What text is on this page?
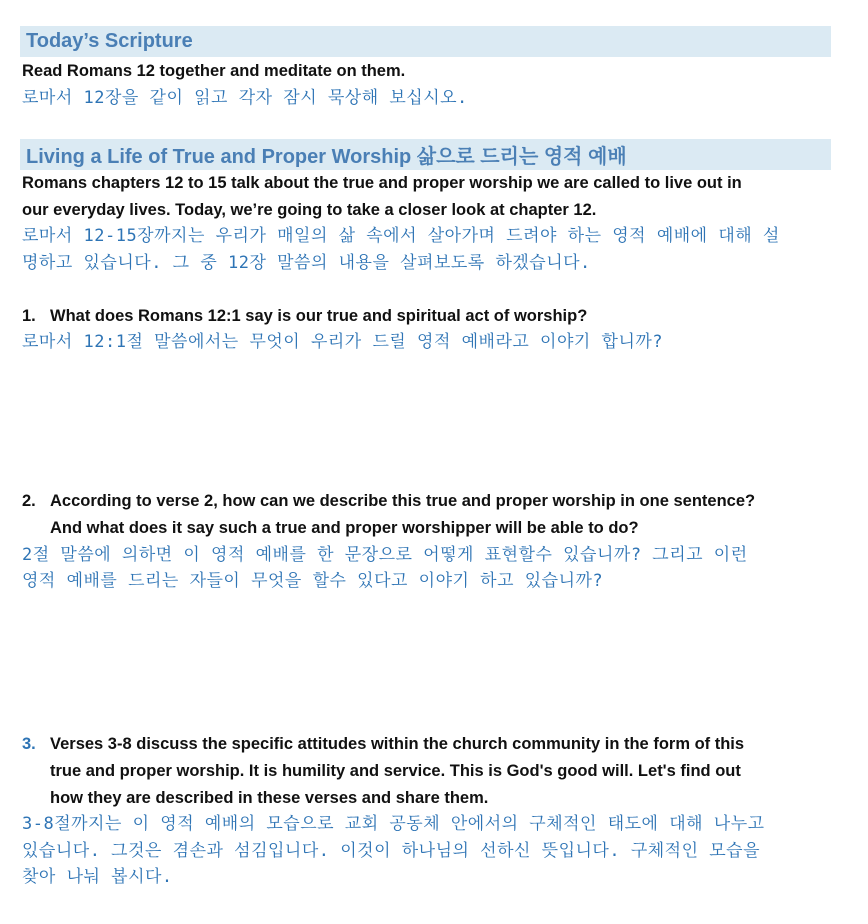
Today’s Scripture
Read Romans 12 together and meditate on them.
로마서 12장을 같이 읽고 각자 잠시 묵상해 보십시오.
Living a Life of True and Proper Worship 삶으로 드리는 영적 예배
Romans chapters 12 to 15 talk about the true and proper worship we are called to live out in
our everyday lives. Today, we’re going to take a closer look at chapter 12.
로마서 12-15장까지는 우리가 매일의 삶 속에서 살아가며 드려야 하는 영적 예배에 대해 설
명하고 있습니다. 그 중 12장 말씀의 내용을 살펴보도록 하겠습니다.
1. What does Romans 12:1 say is our true and spiritual act of worship?
로마서 12:1절 말씀에서는 무엇이 우리가 드릴 영적 예배라고 이야기 합니까?
2. According to verse 2, how can we describe this true and proper worship in one sentence?
And what does it say such a true and proper worshipper will be able to do?
2절 말씀에 의하면 이 영적 예배를 한 문장으로 어떻게 표현할수 있습니까? 그리고 이런
영적 예배를 드리는 자들이 무엇을 할수 있다고 이야기 하고 있습니까?
3. Verses 3-8 discuss the specific attitudes within the church community in the form of this
true and proper worship. It is humility and service. This is God's good will. Let's find out
how they are described in these verses and share them.
3-8절까지는 이 영적 예배의 모습으로 교회 공동체 안에서의 구체적인 태도에 대해 나누고
있습니다. 그것은 겸손과 섬김입니다. 이것이 하나님의 선하신 뜻입니다. 구체적인 모습을
찾아 나눠 봅시다.
